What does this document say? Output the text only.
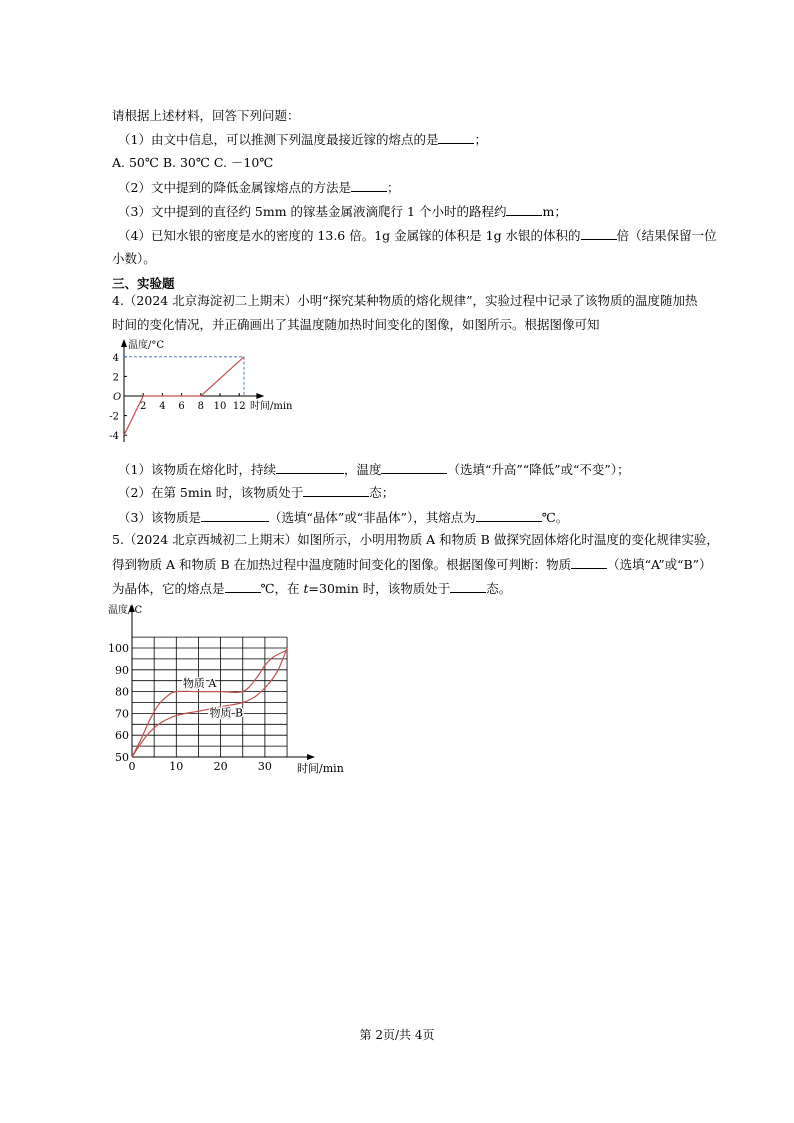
请根据上述材料，回答下列问题：
（1）由文中信息，可以推测下列温度最接近镓的熔点的是	；
A. 50℃ B. 30℃ C. －10℃
（2）文中提到的降低金属镓熔点的方法是	；
（3）文中提到的直径约 5mm 的镓基金属液滴爬行 1 个小时的路程约	m；
（4）已知水银的密度是水的密度的 13.6 倍。1g 金属镓的体积是 1g 水银的体积的	倍（结果保留一位
小数）。
三、实验题
4.（2024 北京海淀初二上期末）小明“探究某种物质的熔化规律”，实验过程中记录了该物质的温度随加热
时间的变化情况，并正确画出了其温度随加热时间变化的图像，如图所示。根据图像可知
温度/°C
时间/min
O
2 4 6 8 10 12
4
2
-2
-4
（1）该物质在熔化时，持续	，温度	（选填“升高”“降低”或“不变”）；
（2）在第 5min 时，该物质处于	态；
（3）该物质是	（选填“晶体”或“非晶体”），其熔点为	℃。
5.（2024 北京西城初二上期末）如图所示，小明用物质 A 和物质 B 做探究固体熔化时温度的变化规律实验，
得到物质 A 和物质 B 在加热过程中温度随时间变化的图像。根据图像可判断：物质	（选填“A”或“B”）
为晶体，它的熔点是	℃，在 t=30min 时，该物质处于	态。
温度/ C
时间/min
0	10	20	30
100
90
80
70
60
50
物质 A
物质 B
第 2页/共 4页
